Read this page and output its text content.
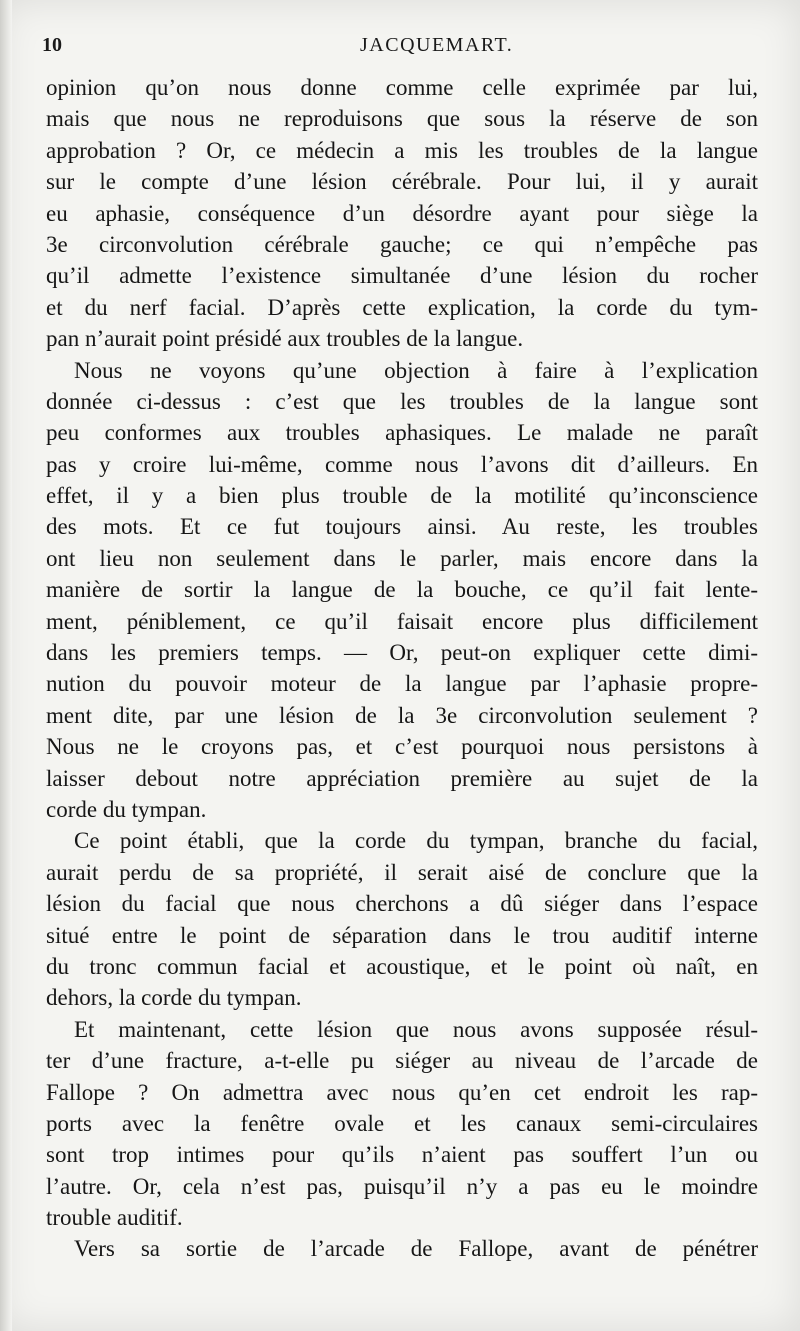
10	JACQUEMART.
opinion qu’on nous donne comme celle exprimée par lui,
mais que nous ne reproduisons que sous la réserve de son
approbation ? Or, ce médecin a mis les troubles de la langue
sur le compte d’une lésion cérébrale. Pour lui, il y aurait
eu aphasie, conséquence d’un désordre ayant pour siège la
3e circonvolution cérébrale gauche; ce qui n’empêche pas
qu’il admette l’existence simultanée d’une lésion du rocher
et du nerf facial. D’après cette explication, la corde du tym-
pan n’aurait point présidé aux troubles de la langue.
Nous ne voyons qu’une objection à faire à l’explication
donnée ci-dessus : c’est que les troubles de la langue sont
peu conformes aux troubles aphasiques. Le malade ne paraît
pas y croire lui-même, comme nous l’avons dit d’ailleurs. En
effet, il y a bien plus trouble de la motilité qu’inconscience
des mots. Et ce fut toujours ainsi. Au reste, les troubles
ont lieu non seulement dans le parler, mais encore dans la
manière de sortir la langue de la bouche, ce qu’il fait lente-
ment, péniblement, ce qu’il faisait encore plus difficilement
dans les premiers temps. — Or, peut-on expliquer cette dimi-
nution du pouvoir moteur de la langue par l’aphasie propre-
ment dite, par une lésion de la 3e circonvolution seulement ?
Nous ne le croyons pas, et c’est pourquoi nous persistons à
laisser debout notre appréciation première au sujet de la
corde du tympan.
Ce point établi, que la corde du tympan, branche du facial,
aurait perdu de sa propriété, il serait aisé de conclure que la
lésion du facial que nous cherchons a dû siéger dans l’espace
situé entre le point de séparation dans le trou auditif interne
du tronc commun facial et acoustique, et le point où naît, en
dehors, la corde du tympan.
Et maintenant, cette lésion que nous avons supposée résul-
ter d’une fracture, a-t-elle pu siéger au niveau de l’arcade de
Fallope ? On admettra avec nous qu’en cet endroit les rap-
ports avec la fenêtre ovale et les canaux semi-circulaires
sont trop intimes pour qu’ils n’aient pas souffert l’un ou
l’autre. Or, cela n’est pas, puisqu’il n’y a pas eu le moindre
trouble auditif.
Vers sa sortie de l’arcade de Fallope, avant de pénétrer
